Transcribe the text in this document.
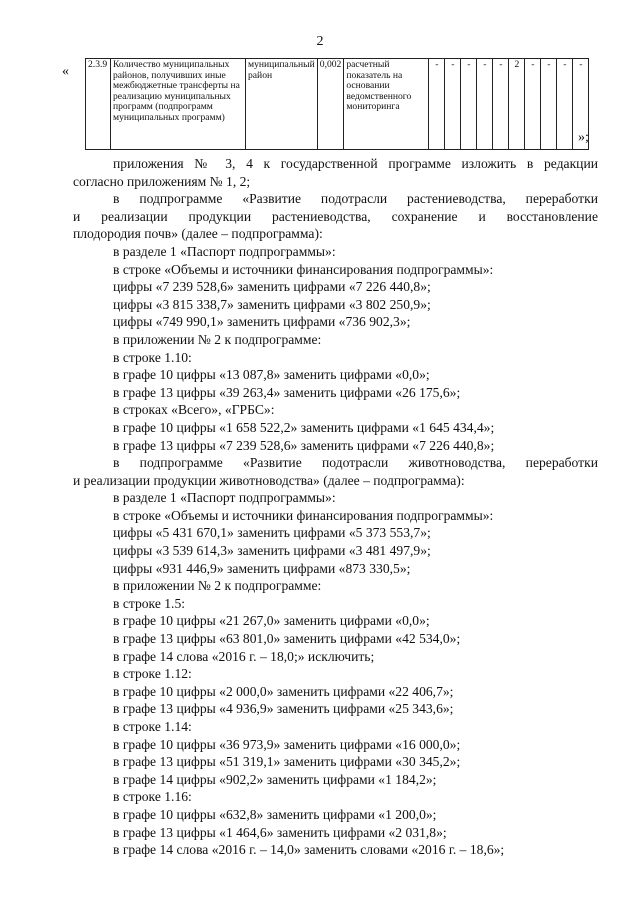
2
« 2.3.9	Количество муниципальных районов, получивших иные межбюджетные трансферты на реализацию муниципальных программ (подпрограмм муниципальных программ)	муниципальный район	0,002	расчетный показатель на основании ведомственного мониторинга	-	-	-	-	-	2	-	-	-	-
»;
приложения № 3, 4 к государственной программе изложить в редакции
согласно приложениям № 1, 2;
в подпрограмме «Развитие подотрасли растениеводства, переработки
и реализации продукции растениеводства, сохранение и восстановление
плодородия почв» (далее – подпрограмма):
в разделе 1 «Паспорт подпрограммы»:
в строке «Объемы и источники финансирования подпрограммы»:
цифры «7 239 528,6» заменить цифрами «7 226 440,8»;
цифры «3 815 338,7» заменить цифрами «3 802 250,9»;
цифры «749 990,1» заменить цифрами «736 902,3»;
в приложении № 2 к подпрограмме:
в строке 1.10:
в графе 10 цифры «13 087,8» заменить цифрами «0,0»;
в графе 13 цифры «39 263,4» заменить цифрами «26 175,6»;
в строках «Всего», «ГРБС»:
в графе 10 цифры «1 658 522,2» заменить цифрами «1 645 434,4»;
в графе 13 цифры «7 239 528,6» заменить цифрами «7 226 440,8»;
в подпрограмме «Развитие подотрасли животноводства, переработки
и реализации продукции животноводства» (далее – подпрограмма):
в разделе 1 «Паспорт подпрограммы»:
в строке «Объемы и источники финансирования подпрограммы»:
цифры «5 431 670,1» заменить цифрами «5 373 553,7»;
цифры «3 539 614,3» заменить цифрами «3 481 497,9»;
цифры «931 446,9» заменить цифрами «873 330,5»;
в приложении № 2 к подпрограмме:
в строке 1.5:
в графе 10 цифры «21 267,0» заменить цифрами «0,0»;
в графе 13 цифры «63 801,0» заменить цифрами «42 534,0»;
в графе 14 слова «2016 г. – 18,0;» исключить;
в строке 1.12:
в графе 10 цифры «2 000,0» заменить цифрами «22 406,7»;
в графе 13 цифры «4 936,9» заменить цифрами «25 343,6»;
в строке 1.14:
в графе 10 цифры «36 973,9» заменить цифрами «16 000,0»;
в графе 13 цифры «51 319,1» заменить цифрами «30 345,2»;
в графе 14 цифры «902,2» заменить цифрами «1 184,2»;
в строке 1.16:
в графе 10 цифры «632,8» заменить цифрами «1 200,0»;
в графе 13 цифры «1 464,6» заменить цифрами «2 031,8»;
в графе 14 слова «2016 г. – 14,0» заменить словами «2016 г. – 18,6»;
